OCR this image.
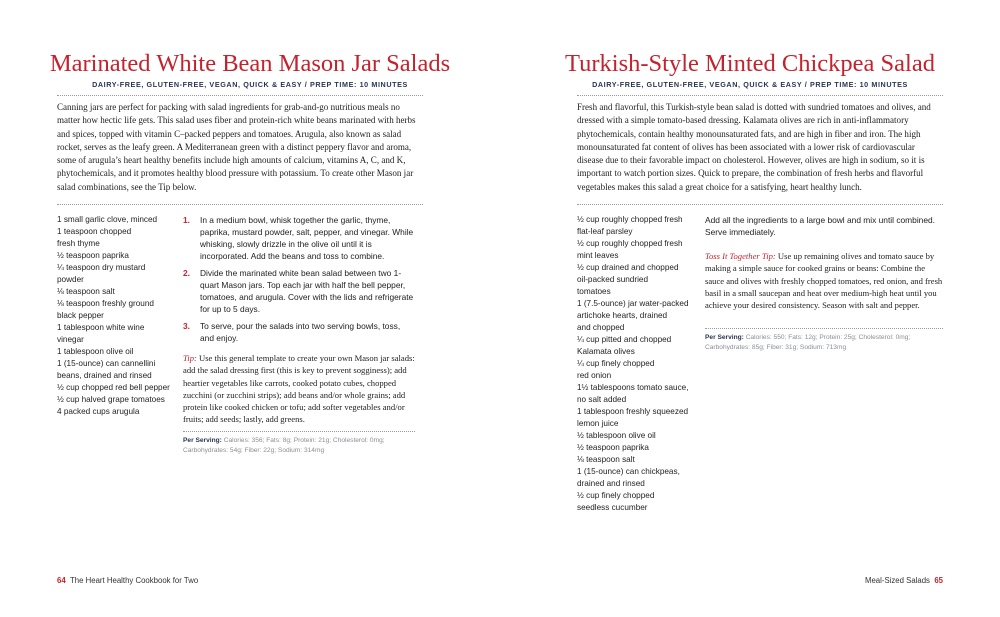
Marinated White Bean Mason Jar Salads
DAIRY-FREE, GLUTEN-FREE, VEGAN, QUICK & EASY / PREP TIME: 10 MINUTES

Canning jars are perfect for packing with salad ingredients for grab-and-go nutritious meals no matter how hectic life gets. This salad uses fiber and protein-rich white beans marinated with herbs and spices, topped with vitamin C–packed peppers and tomatoes. Arugula, also known as salad rocket, serves as the leafy green. A Mediterranean green with a distinct peppery flavor and aroma, some of arugula’s heart healthy benefits include high amounts of calcium, vitamins A, C, and K, phytochemicals, and it promotes healthy blood pressure with potassium. To create other Mason jar salad combinations, see the Tip below.

1 small garlic clove, minced
1 teaspoon chopped
fresh thyme
½ teaspoon paprika
¼ teaspoon dry mustard
powder
⅛ teaspoon salt
⅛ teaspoon freshly ground
black pepper
1 tablespoon white wine
vinegar
1 tablespoon olive oil
1 (15-ounce) can cannellini
beans, drained and rinsed
½ cup chopped red bell pepper
½ cup halved grape tomatoes
4 packed cups arugula
1. In a medium bowl, whisk together the garlic, thyme, paprika, mustard powder, salt, pepper, and vinegar. While whisking, slowly drizzle in the olive oil until it is incorporated. Add the beans and toss to combine.
2. Divide the marinated white bean salad between two 1-quart Mason jars. Top each jar with half the bell pepper, tomatoes, and arugula. Cover with the lids and refrigerate for up to 5 days.
3. To serve, pour the salads into two serving bowls, toss, and enjoy.

Tip: Use this general template to create your own Mason jar salads: add the salad dressing first (this is key to prevent sogginess); add heartier vegetables like carrots, cooked potato cubes, chopped zucchini (or zucchini strips); add beans and/or whole grains; add protein like cooked chicken or tofu; add softer vegetables and/or fruits; add seeds; lastly, add greens.

Per Serving: Calories: 356; Fats: 8g; Protein: 21g; Cholesterol: 0mg; Carbohydrates: 54g; Fiber: 22g; Sodium: 314mg

64 The Heart Healthy Cookbook for Two
Turkish-Style Minted Chickpea Salad
DAIRY-FREE, GLUTEN-FREE, VEGAN, QUICK & EASY / PREP TIME: 10 MINUTES

Fresh and flavorful, this Turkish-style bean salad is dotted with sundried tomatoes and olives, and dressed with a simple tomato-based dressing. Kalamata olives are rich in anti-inflammatory phytochemicals, contain healthy monounsaturated fats, and are high in fiber and iron. The high monounsaturated fat content of olives has been associated with a lower risk of cardiovascular disease due to their favorable impact on cholesterol. However, olives are high in sodium, so it is important to watch portion sizes. Quick to prepare, the combination of fresh herbs and flavorful vegetables makes this salad a great choice for a satisfying, heart healthy lunch.

½ cup roughly chopped fresh
flat-leaf parsley
½ cup roughly chopped fresh
mint leaves
½ cup drained and chopped
oil-packed sundried
tomatoes
1 (7.5-ounce) jar water-packed
artichoke hearts, drained
and chopped
¼ cup pitted and chopped
Kalamata olives
¼ cup finely chopped
red onion
1½ tablespoons tomato sauce,
no salt added
1 tablespoon freshly squeezed
lemon juice
½ tablespoon olive oil
½ teaspoon paprika
⅛ teaspoon salt
1 (15-ounce) can chickpeas,
drained and rinsed
½ cup finely chopped
seedless cucumber

Add all the ingredients to a large bowl and mix until combined. Serve immediately.

Toss It Together Tip: Use up remaining olives and tomato sauce by making a simple sauce for cooked grains or beans: Combine the sauce and olives with freshly chopped tomatoes, red onion, and fresh basil in a small saucepan and heat over medium-high heat until you achieve your desired consistency. Season with salt and pepper.

Per Serving: Calories: 550; Fats: 12g; Protein: 25g; Cholesterol: 0mg; Carbohydrates: 85g; Fiber: 31g; Sodium: 713mg

Meal-Sized Salads 65
